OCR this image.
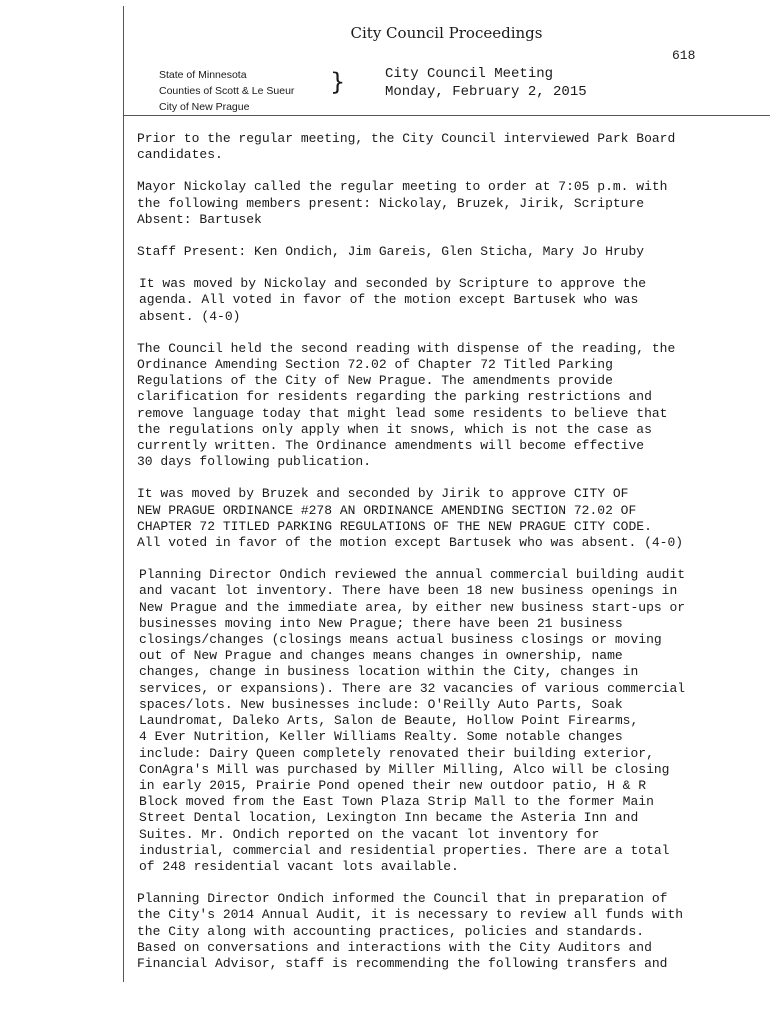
City Council Proceedings
618
State of Minnesota
Counties of Scott & Le Sueur
City of New Prague
}	City Council Meeting
Monday, February 2, 2015

Prior to the regular meeting, the City Council interviewed Park Board
candidates.

Mayor Nickolay called the regular meeting to order at 7:05 p.m. with
the following members present: Nickolay, Bruzek, Jirik, Scripture
Absent: Bartusek

Staff Present: Ken Ondich, Jim Gareis, Glen Sticha, Mary Jo Hruby

It was moved by Nickolay and seconded by Scripture to approve the
agenda. All voted in favor of the motion except Bartusek who was
absent. (4-0)

The Council held the second reading with dispense of the reading, the
Ordinance Amending Section 72.02 of Chapter 72 Titled Parking
Regulations of the City of New Prague. The amendments provide
clarification for residents regarding the parking restrictions and
remove language today that might lead some residents to believe that
the regulations only apply when it snows, which is not the case as
currently written. The Ordinance amendments will become effective
30 days following publication.

It was moved by Bruzek and seconded by Jirik to approve CITY OF
NEW PRAGUE ORDINANCE #278 AN ORDINANCE AMENDING SECTION 72.02 OF
CHAPTER 72 TITLED PARKING REGULATIONS OF THE NEW PRAGUE CITY CODE.
All voted in favor of the motion except Bartusek who was absent. (4-0)

Planning Director Ondich reviewed the annual commercial building audit
and vacant lot inventory. There have been 18 new business openings in
New Prague and the immediate area, by either new business start-ups or
businesses moving into New Prague; there have been 21 business
closings/changes (closings means actual business closings or moving
out of New Prague and changes means changes in ownership, name
changes, change in business location within the City, changes in
services, or expansions). There are 32 vacancies of various commercial
spaces/lots. New businesses include: O'Reilly Auto Parts, Soak
Laundromat, Daleko Arts, Salon de Beaute, Hollow Point Firearms,
4 Ever Nutrition, Keller Williams Realty. Some notable changes
include: Dairy Queen completely renovated their building exterior,
ConAgra's Mill was purchased by Miller Milling, Alco will be closing
in early 2015, Prairie Pond opened their new outdoor patio, H & R
Block moved from the East Town Plaza Strip Mall to the former Main
Street Dental location, Lexington Inn became the Asteria Inn and
Suites. Mr. Ondich reported on the vacant lot inventory for
industrial, commercial and residential properties. There are a total
of 248 residential vacant lots available.

Planning Director Ondich informed the Council that in preparation of
the City's 2014 Annual Audit, it is necessary to review all funds with
the City along with accounting practices, policies and standards.
Based on conversations and interactions with the City Auditors and
Financial Advisor, staff is recommending the following transfers and
